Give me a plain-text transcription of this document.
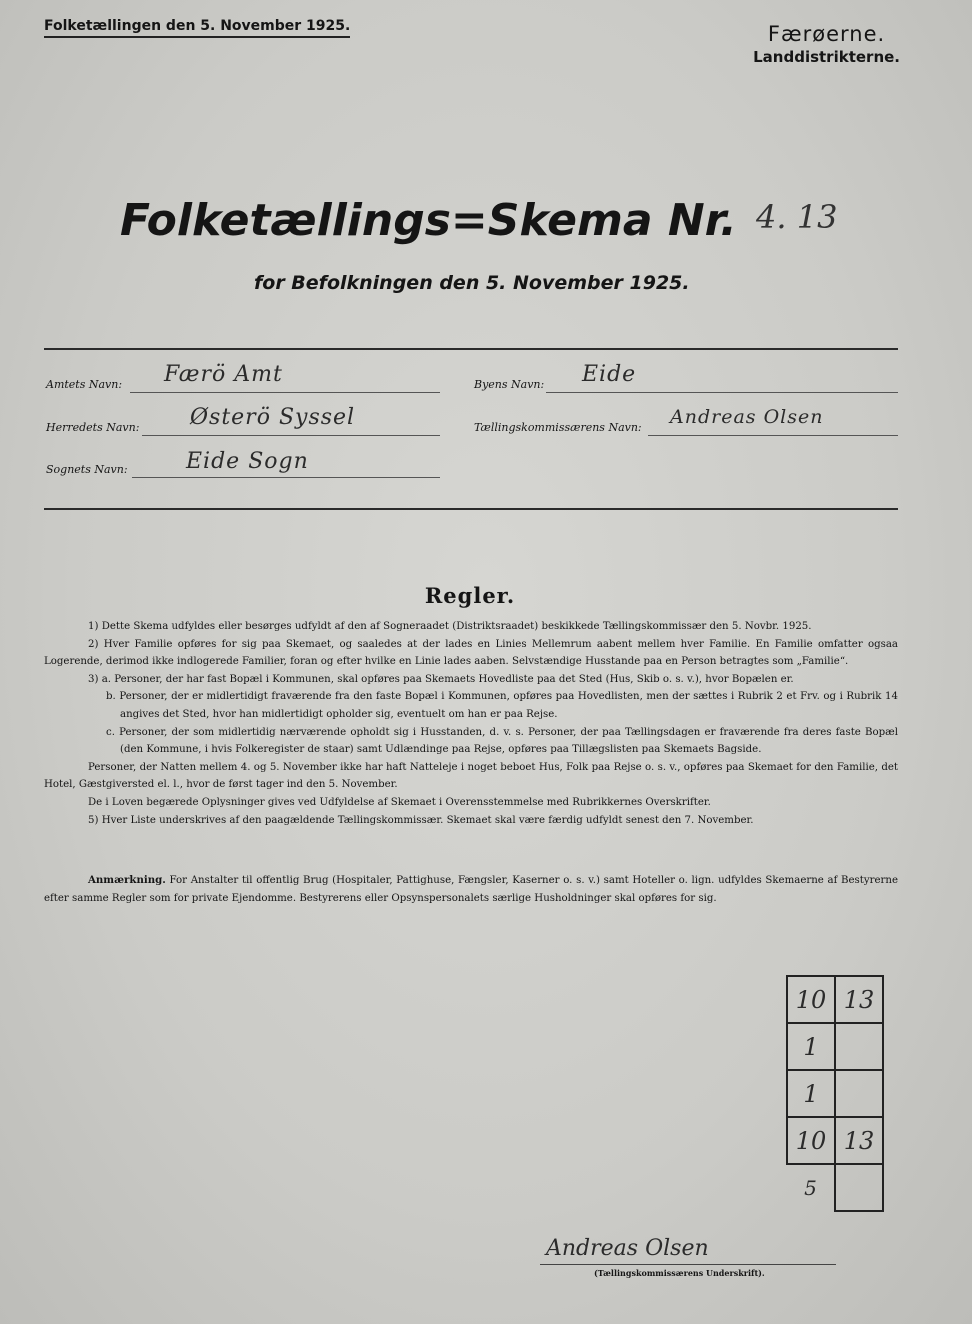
Folketællingen den 5. November 1925.	Færøerne.
Landdistrikterne.
Folketællings=Skema Nr. 4. 13
for Befolkningen den 5. November 1925.
Amtets Navn: Færö Amt
Herredets Navn: Østerö Syssel
Sognets Navn:	Eide Sogn
Byens Navn: Eide
Tællingskommissærens Navn: Andreas Olsen
Regler.

1) Dette Skema udfyldes eller besørges udfyldt af den af Sogneraadet (Distriktsraadet) beskikkede Tællingskommissær den 5. Novbr. 1925.

2) Hver Familie opføres for sig paa Skemaet, og saaledes at der lades en Linies Mellemrum aabent mellem hver Familie. En Familie omfatter ogsaa Logerende, derimod ikke indlogerede Familier, foran og efter hvilke en Linie lades aaben. Selvstændige Husstande paa en Person betragtes som „Familie“.

3) a. Personer, der har fast Bopæl i Kommunen, skal opføres paa Skemaets Hovedliste paa det Sted (Hus, Skib o. s. v.), hvor Bopælen er.

b. Personer, der er midlertidigt fraværende fra den faste Bopæl i Kommunen, opføres paa Hovedlisten, men der sættes i Rubrik 2 et Frv. og i Rubrik 14 angives det Sted, hvor han midlertidigt opholder sig, eventuelt om han er paa Rejse.

c. Personer, der som midlertidig nærværende opholdt sig i Husstanden, d. v. s. Personer, der paa Tællingsdagen er fraværende fra deres faste Bopæl (den Kommune, i hvis Folkeregister de staar) samt Udlændinge paa Rejse, opføres paa Tillægslisten paa Skemaets Bagside.

Personer, der Natten mellem 4. og 5. November ikke har haft Natteleje i noget beboet Hus, Folk paa Rejse o. s. v., opføres paa Skemaet for den Familie, det Hotel, Gæstgiversted el. l., hvor de først tager ind den 5. November.

De i Loven begærede Oplysninger gives ved Udfyldelse af Skemaet i Overensstemmelse med Rubrikkernes Overskrifter.

5) Hver Liste underskrives af den paagældende Tællingskommissær. Skemaet skal være færdig udfyldt senest den 7. November.

Anmærkning. For Anstalter til offentlig Brug (Hospitaler, Pattighuse, Fængsler, Kaserner o. s. v.) samt Hoteller o. lign. udfyldes Skemaerne af Bestyrerne efter samme Regler som for private Ejendomme. Bestyrerens eller Opsynspersonalets særlige Husholdninger skal opføres for sig.
10	13
1	
1	
10	13
5	
Andreas Olsen
(Tællingskommissærens Underskrift).
